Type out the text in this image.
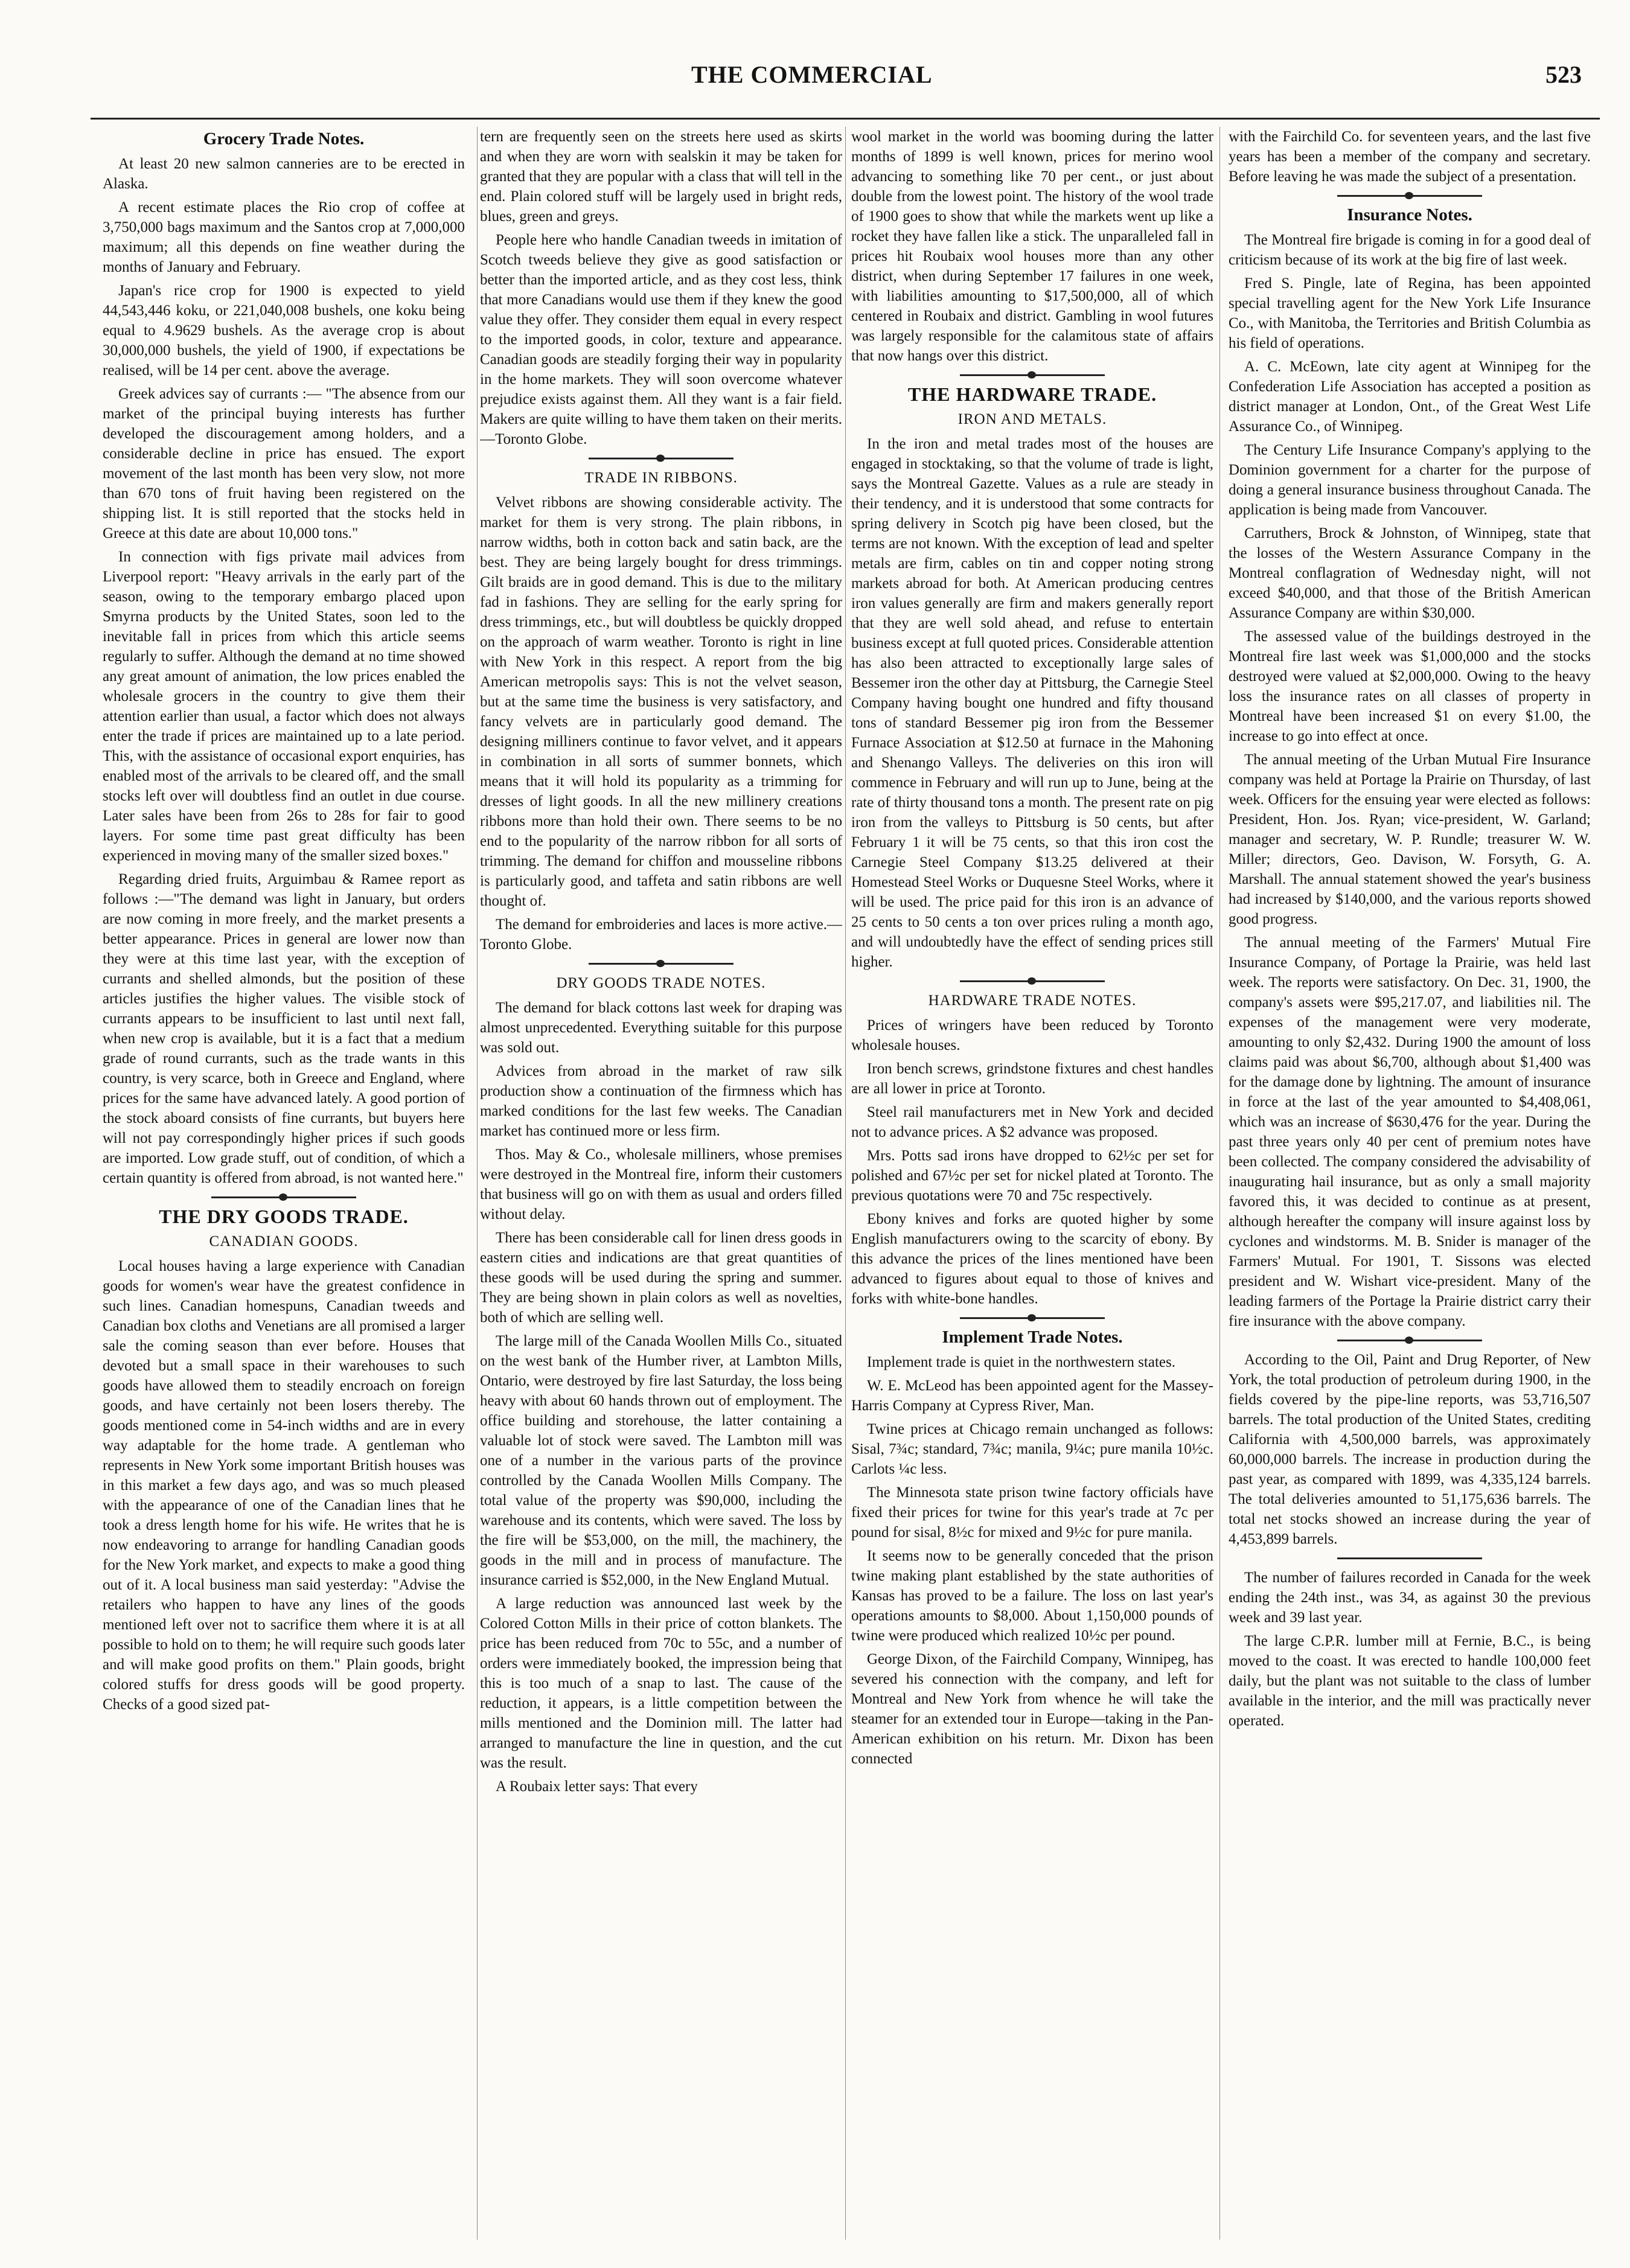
THE COMMERCIAL	523
Grocery Trade Notes.

At least 20 new salmon canneries are to be erected in Alaska.

A recent estimate places the Rio crop of coffee at 3,750,000 bags maximum and the Santos crop at 7,000,000 maximum; all this depends on fine weather during the months of January and February.

Japan's rice crop for 1900 is expected to yield 44,543,446 koku, or 221,040,008 bushels, one koku being equal to 4.9629 bushels. As the average crop is about 30,000,000 bushels, the yield of 1900, if expectations be realised, will be 14 per cent. above the average.

Greek advices say of currants :— "The absence from our market of the principal buying interests has further developed the discouragement among holders, and a considerable decline in price has ensued. The export movement of the last month has been very slow, not more than 670 tons of fruit having been registered on the shipping list. It is still reported that the stocks held in Greece at this date are about 10,000 tons."

In connection with figs private mail advices from Liverpool report: "Heavy arrivals in the early part of the season, owing to the temporary embargo placed upon Smyrna products by the United States, soon led to the inevitable fall in prices from which this article seems regularly to suffer. Although the demand at no time showed any great amount of animation, the low prices enabled the wholesale grocers in the country to give them their attention earlier than usual, a factor which does not always enter the trade if prices are maintained up to a late period. This, with the assistance of occasional export enquiries, has enabled most of the arrivals to be cleared off, and the small stocks left over will doubtless find an outlet in due course. Later sales have been from 26s to 28s for fair to good layers. For some time past great difficulty has been experienced in moving many of the smaller sized boxes."

Regarding dried fruits, Arguimbau & Ramee report as follows :—"The demand was light in January, but orders are now coming in more freely, and the market presents a better appearance. Prices in general are lower now than they were at this time last year, with the exception of currants and shelled almonds, but the position of these articles justifies the higher values. The visible stock of currants appears to be insufficient to last until next fall, when new crop is available, but it is a fact that a medium grade of round currants, such as the trade wants in this country, is very scarce, both in Greece and England, where prices for the same have advanced lately. A good portion of the stock aboard consists of fine currants, but buyers here will not pay correspondingly higher prices if such goods are imported. Low grade stuff, out of condition, of which a certain quantity is offered from abroad, is not wanted here."

THE DRY GOODS TRADE.
CANADIAN GOODS.

Local houses having a large experience with Canadian goods for women's wear have the greatest confidence in such lines. Canadian homespuns, Canadian tweeds and Canadian box cloths and Venetians are all promised a larger sale the coming season than ever before. Houses that devoted but a small space in their warehouses to such goods have allowed them to steadily encroach on foreign goods, and have certainly not been losers thereby. The goods mentioned come in 54-inch widths and are in every way adaptable for the home trade. A gentleman who represents in New York some important British houses was in this market a few days ago, and was so much pleased with the appearance of one of the Canadian lines that he took a dress length home for his wife. He writes that he is now endeavoring to arrange for handling Canadian goods for the New York market, and expects to make a good thing out of it. A local business man said yesterday: "Advise the retailers who happen to have any lines of the goods mentioned left over not to sacrifice them where it is at all possible to hold on to them; he will require such goods later and will make good profits on them." Plain goods, bright colored stuffs for dress goods will be good property. Checks of a good sized pat-

tern are frequently seen on the streets here used as skirts and when they are worn with sealskin it may be taken for granted that they are popular with a class that will tell in the end. Plain colored stuff will be largely used in bright reds, blues, green and greys.

People here who handle Canadian tweeds in imitation of Scotch tweeds believe they give as good satisfaction or better than the imported article, and as they cost less, think that more Canadians would use them if they knew the good value they offer. They consider them equal in every respect to the imported goods, in color, texture and appearance. Canadian goods are steadily forging their way in popularity in the home markets. They will soon overcome whatever prejudice exists against them. All they want is a fair field. Makers are quite willing to have them taken on their merits.—Toronto Globe.

TRADE IN RIBBONS.

Velvet ribbons are showing considerable activity. The market for them is very strong. The plain ribbons, in narrow widths, both in cotton back and satin back, are the best. They are being largely bought for dress trimmings. Gilt braids are in good demand. This is due to the military fad in fashions. They are selling for the early spring for dress trimmings, etc., but will doubtless be quickly dropped on the approach of warm weather. Toronto is right in line with New York in this respect. A report from the big American metropolis says: This is not the velvet season, but at the same time the business is very satisfactory, and fancy velvets are in particularly good demand. The designing milliners continue to favor velvet, and it appears in combination in all sorts of summer bonnets, which means that it will hold its popularity as a trimming for dresses of light goods. In all the new millinery creations ribbons more than hold their own. There seems to be no end to the popularity of the narrow ribbon for all sorts of trimming. The demand for chiffon and mousseline ribbons is particularly good, and taffeta and satin ribbons are well thought of.

The demand for embroideries and laces is more active.—Toronto Globe.

DRY GOODS TRADE NOTES.

The demand for black cottons last week for draping was almost unprecedented. Everything suitable for this purpose was sold out.

Advices from abroad in the market of raw silk production show a continuation of the firmness which has marked conditions for the last few weeks. The Canadian market has continued more or less firm.

Thos. May & Co., wholesale milliners, whose premises were destroyed in the Montreal fire, inform their customers that business will go on with them as usual and orders filled without delay.

There has been considerable call for linen dress goods in eastern cities and indications are that great quantities of these goods will be used during the spring and summer. They are being shown in plain colors as well as novelties, both of which are selling well.

The large mill of the Canada Woollen Mills Co., situated on the west bank of the Humber river, at Lambton Mills, Ontario, were destroyed by fire last Saturday, the loss being heavy with about 60 hands thrown out of employment. The office building and storehouse, the latter containing a valuable lot of stock were saved. The Lambton mill was one of a number in the various parts of the province controlled by the Canada Woollen Mills Company. The total value of the property was $90,000, including the warehouse and its contents, which were saved. The loss by the fire will be $53,000, on the mill, the machinery, the goods in the mill and in process of manufacture. The insurance carried is $52,000, in the New England Mutual.

A large reduction was announced last week by the Colored Cotton Mills in their price of cotton blankets. The price has been reduced from 70c to 55c, and a number of orders were immediately booked, the impression being that this is too much of a snap to last. The cause of the reduction, it appears, is a little competition between the mills mentioned and the Dominion mill. The latter had arranged to manufacture the line in question, and the cut was the result.

A Roubaix letter says: That every

wool market in the world was booming during the latter months of 1899 is well known, prices for merino wool advancing to something like 70 per cent., or just about double from the lowest point. The history of the wool trade of 1900 goes to show that while the markets went up like a rocket they have fallen like a stick. The unparalleled fall in prices hit Roubaix wool houses more than any other district, when during September 17 failures in one week, with liabilities amounting to $17,500,000, all of which centered in Roubaix and district. Gambling in wool futures was largely responsible for the calamitous state of affairs that now hangs over this district.

THE HARDWARE TRADE.
IRON AND METALS.

In the iron and metal trades most of the houses are engaged in stocktaking, so that the volume of trade is light, says the Montreal Gazette. Values as a rule are steady in their tendency, and it is understood that some contracts for spring delivery in Scotch pig have been closed, but the terms are not known. With the exception of lead and spelter metals are firm, cables on tin and copper noting strong markets abroad for both. At American producing centres iron values generally are firm and makers generally report that they are well sold ahead, and refuse to entertain business except at full quoted prices. Considerable attention has also been attracted to exceptionally large sales of Bessemer iron the other day at Pittsburg, the Carnegie Steel Company having bought one hundred and fifty thousand tons of standard Bessemer pig iron from the Bessemer Furnace Association at $12.50 at furnace in the Mahoning and Shenango Valleys. The deliveries on this iron will commence in February and will run up to June, being at the rate of thirty thousand tons a month. The present rate on pig iron from the valleys to Pittsburg is 50 cents, but after February 1 it will be 75 cents, so that this iron cost the Carnegie Steel Company $13.25 delivered at their Homestead Steel Works or Duquesne Steel Works, where it will be used. The price paid for this iron is an advance of 25 cents to 50 cents a ton over prices ruling a month ago, and will undoubtedly have the effect of sending prices still higher.

HARDWARE TRADE NOTES.

Prices of wringers have been reduced by Toronto wholesale houses.

Iron bench screws, grindstone fixtures and chest handles are all lower in price at Toronto.

Steel rail manufacturers met in New York and decided not to advance prices. A $2 advance was proposed.

Mrs. Potts sad irons have dropped to 62½c per set for polished and 67½c per set for nickel plated at Toronto. The previous quotations were 70 and 75c respectively.

Ebony knives and forks are quoted higher by some English manufacturers owing to the scarcity of ebony. By this advance the prices of the lines mentioned have been advanced to figures about equal to those of knives and forks with white-bone handles.

Implement Trade Notes.

Implement trade is quiet in the northwestern states.

W. E. McLeod has been appointed agent for the Massey-Harris Company at Cypress River, Man.

Twine prices at Chicago remain unchanged as follows: Sisal, 7¾c; standard, 7¾c; manila, 9¼c; pure manila 10½c. Carlots ¼c less.

The Minnesota state prison twine factory officials have fixed their prices for twine for this year's trade at 7c per pound for sisal, 8½c for mixed and 9½c for pure manila.

It seems now to be generally conceded that the prison twine making plant established by the state authorities of Kansas has proved to be a failure. The loss on last year's operations amounts to $8,000. About 1,150,000 pounds of twine were produced which realized 10½c per pound.

George Dixon, of the Fairchild Company, Winnipeg, has severed his connection with the company, and left for Montreal and New York from whence he will take the steamer for an extended tour in Europe—taking in the Pan-American exhibition on his return. Mr. Dixon has been connected

with the Fairchild Co. for seventeen years, and the last five years has been a member of the company and secretary. Before leaving he was made the subject of a presentation.

Insurance Notes.

The Montreal fire brigade is coming in for a good deal of criticism because of its work at the big fire of last week.

Fred S. Pingle, late of Regina, has been appointed special travelling agent for the New York Life Insurance Co., with Manitoba, the Territories and British Columbia as his field of operations.

A. C. McEown, late city agent at Winnipeg for the Confederation Life Association has accepted a position as district manager at London, Ont., of the Great West Life Assurance Co., of Winnipeg.

The Century Life Insurance Company's applying to the Dominion government for a charter for the purpose of doing a general insurance business throughout Canada. The application is being made from Vancouver.

Carruthers, Brock & Johnston, of Winnipeg, state that the losses of the Western Assurance Company in the Montreal conflagration of Wednesday night, will not exceed $40,000, and that those of the British American Assurance Company are within $30,000.

The assessed value of the buildings destroyed in the Montreal fire last week was $1,000,000 and the stocks destroyed were valued at $2,000,000. Owing to the heavy loss the insurance rates on all classes of property in Montreal have been increased $1 on every $1.00, the increase to go into effect at once.

The annual meeting of the Urban Mutual Fire Insurance company was held at Portage la Prairie on Thursday, of last week. Officers for the ensuing year were elected as follows: President, Hon. Jos. Ryan; vice-president, W. Garland; manager and secretary, W. P. Rundle; treasurer W. W. Miller; directors, Geo. Davison, W. Forsyth, G. A. Marshall. The annual statement showed the year's business had increased by $140,000, and the various reports showed good progress.

The annual meeting of the Farmers' Mutual Fire Insurance Company, of Portage la Prairie, was held last week. The reports were satisfactory. On Dec. 31, 1900, the company's assets were $95,217.07, and liabilities nil. The expenses of the management were very moderate, amounting to only $2,432. During 1900 the amount of loss claims paid was about $6,700, although about $1,400 was for the damage done by lightning. The amount of insurance in force at the last of the year amounted to $4,408,061, which was an increase of $630,476 for the year. During the past three years only 40 per cent of premium notes have been collected. The company considered the advisability of inaugurating hail insurance, but as only a small majority favored this, it was decided to continue as at present, although hereafter the company will insure against loss by cyclones and windstorms. M. B. Snider is manager of the Farmers' Mutual. For 1901, T. Sissons was elected president and W. Wishart vice-president. Many of the leading farmers of the Portage la Prairie district carry their fire insurance with the above company.

According to the Oil, Paint and Drug Reporter, of New York, the total production of petroleum during 1900, in the fields covered by the pipe-line reports, was 53,716,507 barrels. The total production of the United States, crediting California with 4,500,000 barrels, was approximately 60,000,000 barrels. The increase in production during the past year, as compared with 1899, was 4,335,124 barrels. The total deliveries amounted to 51,175,636 barrels. The total net stocks showed an increase during the year of 4,453,899 barrels.

The number of failures recorded in Canada for the week ending the 24th inst., was 34, as against 30 the previous week and 39 last year.

The large C.P.R. lumber mill at Fernie, B.C., is being moved to the coast. It was erected to handle 100,000 feet daily, but the plant was not suitable to the class of lumber available in the interior, and the mill was practically never operated.
